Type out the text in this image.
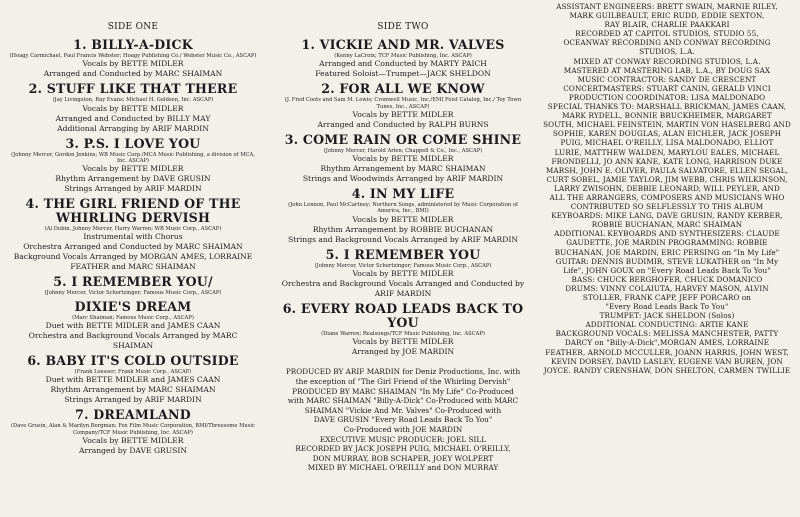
SIDE ONE
1. BILLY-A-DICK
(Hoagy Carmichael, Paul Francis Webster; Hoagy Publishing Co./ Webster Music Co., ASCAP)
Vocals by BETTE MIDLER
Arranged and Conducted by MARC SHAIMAN
2. STUFF LIKE THAT THERE
(Jay Livingston, Ray Evans; Michael H. Goldsen, Inc. ASCAP)
Vocals by BETTE MIDLER
Arranged and Conducted by BILLY MAY
Additional Arranging by ARIF MARDIN
3. P.S. I LOVE YOU
(Johnny Mercer, Gordon Jenkins; WB Music Corp./MCA Music Publishing, a division of MCA, Inc. ASCAP)
Vocals by BETTE MIDLER
Rhythm Arrangement by DAVE GRUSIN
Strings Arranged by ARIF MARDIN
4. THE GIRL FRIEND OF THE WHIRLING DERVISH
(Al Dubin, Johnny Mercer, Harry Warren; WB Music Corp., ASCAP)
Instrumental with Chorus
Orchestra Arranged and Conducted by MARC SHAIMAN
Background Vocals Arranged by MORGAN AMES, LORRAINE FEATHER and MARC SHAIMAN
5. I REMEMBER YOU/
(Johnny Mercer, Victor Schertzinger; Famous Music Corp., ASCAP)
DIXIE'S DREAM
(Marc Shaiman; Famous Music Corp., ASCAP)
Duet with BETTE MIDLER and JAMES CAAN
Orchestra and Background Vocals Arranged by MARC SHAIMAN
6. BABY IT'S COLD OUTSIDE
(Frank Loesser; Frank Music Corp., ASCAP)
Duet with BETTE MIDLER and JAMES CAAN
Rhythm Arrangement by MARC SHAIMAN
Strings Arranged by ARIF MARDIN
7. DREAMLAND
(Dave Grusin, Alan & Marilyn Bergman; Fox Film Music Corporation, BMI/Threesome Music Company/TCF Music Publishing, Inc. ASCAP)
Vocals by BETTE MIDLER
Arranged by DAVE GRUSIN
SIDE TWO
1. VICKIE AND MR. VALVES
(Kenny LaCroix; TCF Music Publishing, Inc. ASCAP)
Arranged and Conducted by MARTY PAICH
Featured Soloist—Trumpet—JACK SHELDON
2. FOR ALL WE KNOW
(J. Fred Coots and Sam M. Lewis; Cromwell Music, Inc./EMI Feist Catalog, Inc./ Toy Town Tunes, Inc., ASCAP)
Vocals by BETTE MIDLER
Arranged and Conducted by RALPH BURNS
3. COME RAIN OR COME SHINE
(Johnny Mercer, Harold Arlen; Chappell & Co., Inc., ASCAP)
Vocals by BETTE MIDLER
Rhythm Arrangement by MARC SHAIMAN
Strings and Woodwinds Arranged by ARIF MARDIN
4. IN MY LIFE
(John Lennon, Paul McCartney; Northern Songs, administered by Music Corporation of America, Inc., BMI)
Vocals by BETTE MIDLER
Rhythm Arrangement by ROBBIE BUCHANAN
Strings and Background Vocals Arranged by ARIF MARDIN
5. I REMEMBER YOU
(Johnny Mercer, Victor Schertzinger; Famous Music Corp., ASCAP)
Vocals by BETTE MIDLER
Orchestra and Background Vocals Arranged and Conducted by ARIF MARDIN
6. EVERY ROAD LEADS BACK TO YOU
(Diane Warren; Realsongs/TCF Music Publishing, Inc. ASCAP)
Vocals by BETTE MIDLER
Arranged by JOE MARDIN
PRODUCED BY ARIF MARDIN for Deniz Productions, Inc. with
the exception of "The Girl Friend of the Whirling Dervish"
PRODUCED BY MARC SHAIMAN "In My Life" Co-Produced
with MARC SHAIMAN "Billy-A-Dick" Co-Produced with MARC
SHAIMAN "Vickie And Mr. Valves" Co-Produced with
DAVE GRUSIN "Every Road Leads Back To You"
Co-Produced with JOE MARDIN
EXECUTIVE MUSIC PRODUCER: JOEL SILL
RECORDED BY JACK JOSEPH PUIG, MICHAEL O'REILLY,
DON MURRAY, BOB SCHAPER, JOEY WOLPERT
MIXED BY MICHAEL O'REILLY and DON MURRAY
ASSISTANT ENGINEERS: BRETT SWAIN, MARNIE RILEY,
MARK GUILBEAULT, ERIC RUDD, EDDIE SEXTON,
RAY BLAIR, CHARLIE PAAKKARI
RECORDED AT CAPITOL STUDIOS, STUDIO 55,
OCEANWAY RECORDING AND CONWAY RECORDING
STUDIOS, L.A.
MIXED AT CONWAY RECORDING STUDIOS, L.A.
MASTERED AT MASTERING LAB, L.A., BY DOUG SAX
MUSIC CONTRACTOR: SANDY DE CRESCENT
CONCERTMASTERS: STUART CANIN, GERALD VINCI
PRODUCTION COORDINATOR: LISA MALDONADO
SPECIAL THANKS TO: MARSHALL BRICKMAN, JAMES CAAN,
MARK RYDELL, BONNIE BRUCKHEIMER, MARGARET
SOUTH, MICHAEL FEINSTEIN, MARTIN VON HASELBERG AND
SOPHIE, KAREN DOUGLAS, ALAN EICHLER, JACK JOSEPH
PUIG, MICHAEL O'REILLY, LISA MALDONADO, ELLIOT
LURIE, MATTHEW WALDEN, MARYLOU EALES, MICHAEL
FRONDELLI, JO ANN KANE, KATE LONG, HARRISON DUKE
MARSH, JOHN E. OLIVER, PAULA SALVATORE, ELLEN SEGAL,
CURT SOBEL, JAMIE TAYLOR, JIM WEBB, CHRIS WILKINSON,
LARRY ZWISOHN, DEBBIE LEONARD, WILL PEYLER, AND
ALL THE ARRANGERS, COMPOSERS AND MUSICIANS WHO
CONTRIBUTED SO SELFLESSLY TO THIS ALBUM
KEYBOARDS: MIKE LANG, DAVE GRUSIN, RANDY KERBER,
ROBBIE BUCHANAN, MARC SHAIMAN
ADDITIONAL KEYBOARDS AND SYNTHESIZERS: CLAUDE
GAUDETTE, JOE MARDIN PROGRAMMING: ROBBIE
BUCHANAN, JOE MARDIN, ERIC PERSING on "In My Life"
GUITAR: DENNIS BUDIMIR, STEVE LUKATHER on "In My
Life", JOHN GOUX on "Every Road Leads Back To You"
BASS: CHUCK BERGHOFER, CHUCK DOMANICO
DRUMS: VINNY COLAIUTA, HARVEY MASON, ALVIN
STOLLER, FRANK CAPP, JEFF PORCARO on
"Every Road Leads Back To You"
TRUMPET: JACK SHELDON (Solos)
ADDITIONAL CONDUCTING: ARTIE KANE
BACKGROUND VOCALS: MELISSA MANCHESTER, PATTY
DARCY on "Billy-A-Dick",MORGAN AMES, LORRAINE
FEATHER, ARNOLD MCCULLER, JOANN HARRIS, JOHN WEST,
KEVIN DORSEY, DAVID LASLEY, EUGENE VAN BUREN, JON
JOYCE. RANDY CRENSHAW, DON SHELTON, CARMEN TWILLIE
